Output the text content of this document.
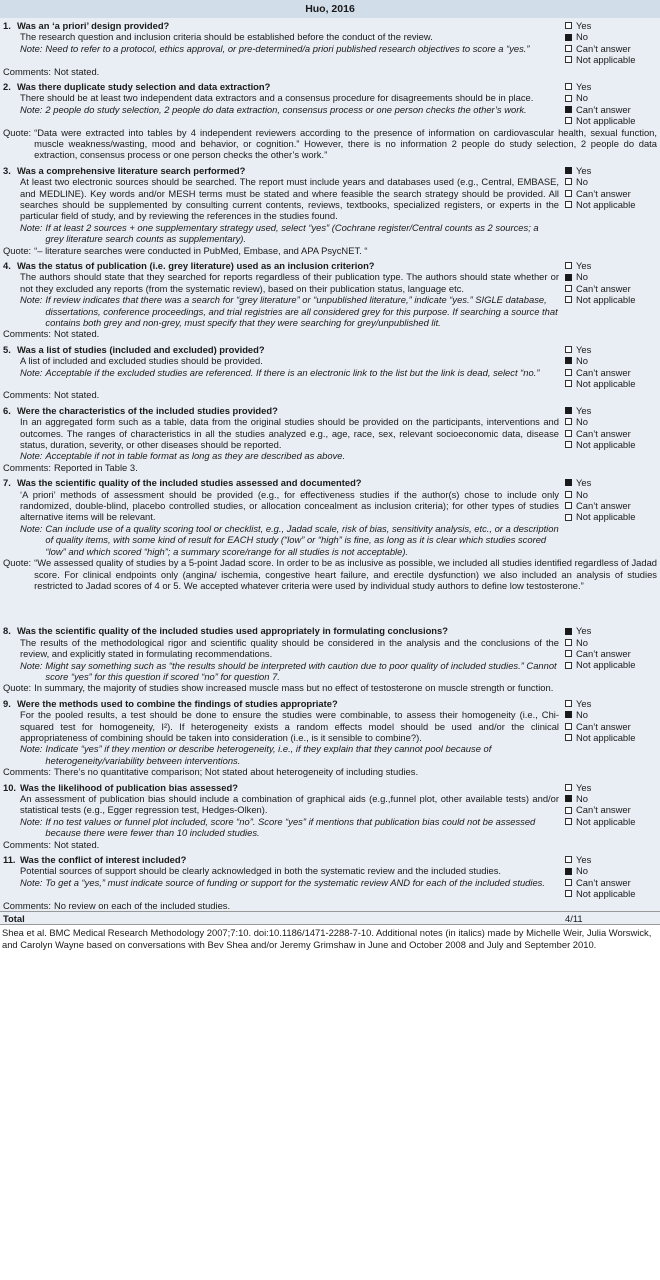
Huo, 2016
1. Was an ‘a priori’ design provided?
The research question and inclusion criteria should be established before the conduct of the review.
Note: Need to refer to a protocol, ethics approval, or pre-determined/a priori published research objectives to score a “yes.”
Yes
No
Can’t answer
Not applicable
Comments: Not stated.
2. Was there duplicate study selection and data extraction?
There should be at least two independent data extractors and a consensus procedure for disagreements should be in place.
Note: 2 people do study selection, 2 people do data extraction, consensus process or one person checks the other’s work.
Yes
No
Can’t answer
Not applicable
Quote: “Data were extracted into tables by 4 independent reviewers according to the presence of information on cardiovascular health, sexual function, muscle weakness/wasting, mood and behavior, or cognition.” However, there is no information 2 people do study selection, 2 people do data extraction, consensus process or one person checks the other’s work.”
3. Was a comprehensive literature search performed?
At least two electronic sources should be searched. The report must include years and databases used (e.g., Central, EMBASE, and MEDLINE). Key words and/or MESH terms must be stated and where feasible the search strategy should be provided. All searches should be supplemented by consulting current contents, reviews, textbooks, specialized registers, or experts in the particular field of study, and by reviewing the references in the studies found.
Note: If at least 2 sources + one supplementary strategy used, select “yes” (Cochrane register/Central counts as 2 sources; a grey literature search counts as supplementary).
Yes
No
Can’t answer
Not applicable
Quote: “– literature searches were conducted in PubMed, Embase, and APA PsycNET. “
4. Was the status of publication (i.e. grey literature) used as an inclusion criterion?
The authors should state that they searched for reports regardless of their publication type. The authors should state whether or not they excluded any reports (from the systematic review), based on their publication status, language etc.
Note: If review indicates that there was a search for “grey literature” or “unpublished literature,” indicate “yes.” SIGLE database, dissertations, conference proceedings, and trial registries are all considered grey for this purpose. If searching a source that contains both grey and non-grey, must specify that they were searching for grey/unpublished lit.
Yes
No
Can’t answer
Not applicable
Comments: Not stated.
5. Was a list of studies (included and excluded) provided?
A list of included and excluded studies should be provided.
Note: Acceptable if the excluded studies are referenced. If there is an electronic link to the list but the link is dead, select “no.”
Yes
No
Can’t answer
Not applicable
Comments: Not stated.
6. Were the characteristics of the included studies provided?
In an aggregated form such as a table, data from the original studies should be provided on the participants, interventions and outcomes. The ranges of characteristics in all the studies analyzed e.g., age, race, sex, relevant socioeconomic data, disease status, duration, severity, or other diseases should be reported.
Note: Acceptable if not in table format as long as they are described as above.
Yes
No
Can’t answer
Not applicable
Comments: Reported in Table 3.
7. Was the scientific quality of the included studies assessed and documented?
‘A priori’ methods of assessment should be provided (e.g., for effectiveness studies if the author(s) chose to include only randomized, double-blind, placebo controlled studies, or allocation concealment as inclusion criteria); for other types of studies alternative items will be relevant.
Note: Can include use of a quality scoring tool or checklist, e.g., Jadad scale, risk of bias, sensitivity analysis, etc., or a description of quality items, with some kind of result for EACH study (“low” or “high” is fine, as long as it is clear which studies scored “low” and which scored “high”; a summary score/range for all studies is not acceptable).
Yes
No
Can’t answer
Not applicable
Quote: “We assessed quality of studies by a 5-point Jadad score. In order to be as inclusive as possible, we included all studies identified regardless of Jadad score. For clinical endpoints only (angina/ ischemia, congestive heart failure, and erectile dysfunction) we also included an analysis of studies restricted to Jadad scores of 4 or 5. We accepted whatever criteria were used by individual study authors to define low testosterone.”
8. Was the scientific quality of the included studies used appropriately in formulating conclusions?
The results of the methodological rigor and scientific quality should be considered in the analysis and the conclusions of the review, and explicitly stated in formulating recommendations.
Note: Might say something such as “the results should be interpreted with caution due to poor quality of included studies.” Cannot score “yes” for this question if scored “no” for question 7.
Yes
No
Can’t answer
Not applicable
Quote: In summary, the majority of studies show increased muscle mass but no effect of testosterone on muscle strength or function.
9. Were the methods used to combine the findings of studies appropriate?
For the pooled results, a test should be done to ensure the studies were combinable, to assess their homogeneity (i.e., Chi-squared test for homogeneity, I²). If heterogeneity exists a random effects model should be used and/or the clinical appropriateness of combining should be taken into consideration (i.e., is it sensible to combine?).
Note: Indicate “yes” if they mention or describe heterogeneity, i.e., if they explain that they cannot pool because of heterogeneity/variability between interventions.
Yes
No
Can’t answer
Not applicable
Comments: There’s no quantitative comparison; Not stated about heterogeneity of including studies.
10. Was the likelihood of publication bias assessed?
An assessment of publication bias should include a combination of graphical aids (e.g.,funnel plot, other available tests) and/or statistical tests (e.g., Egger regression test, Hedges-Olken).
Note: If no test values or funnel plot included, score “no”. Score “yes” if mentions that publication bias could not be assessed because there were fewer than 10 included studies.
Yes
No
Can’t answer
Not applicable
Comments: Not stated.
11. Was the conflict of interest included?
Potential sources of support should be clearly acknowledged in both the systematic review and the included studies.
Note: To get a “yes,” must indicate source of funding or support for the systematic review AND for each of the included studies.
Yes
No
Can’t answer
Not applicable
Comments: No review on each of the included studies.
Total	4/11
Shea et al. BMC Medical Research Methodology 2007;7:10. doi:10.1186/1471-2288-7-10. Additional notes (in italics) made by Michelle Weir, Julia Worswick, and Carolyn Wayne based on conversations with Bev Shea and/or Jeremy Grimshaw in June and October 2008 and July and September 2010.
